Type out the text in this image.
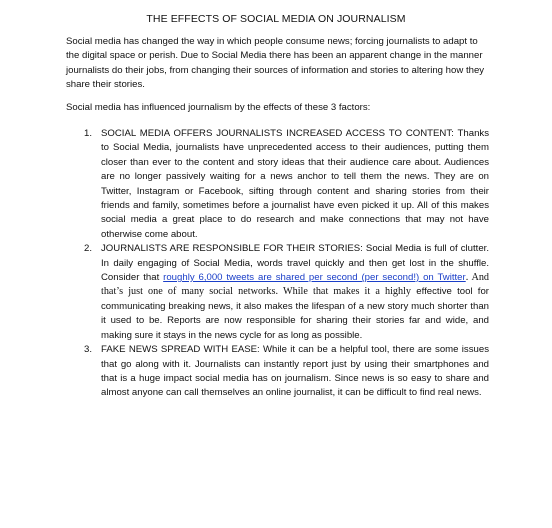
THE EFFECTS OF SOCIAL MEDIA ON JOURNALISM

Social media has changed the way in which people consume news; forcing journalists to adapt to the digital space or perish. Due to Social Media there has been an apparent change in the manner journalists do their jobs, from changing their sources of information and stories to altering how they share their stories.

Social media has influenced journalism by the effects of these 3 factors:

1. SOCIAL MEDIA OFFERS JOURNALISTS INCREASED ACCESS TO CONTENT: Thanks to Social Media, journalists have unprecedented access to their audiences, putting them closer than ever to the content and story ideas that their audience care about. Audiences are no longer passively waiting for a news anchor to tell them the news. They are on Twitter, Instagram or Facebook, sifting through content and sharing stories from their friends and family, sometimes before a journalist have even picked it up. All of this makes social media a great place to do research and make connections that may not have otherwise come about.
2. JOURNALISTS ARE RESPONSIBLE FOR THEIR STORIES: Social Media is full of clutter. In daily engaging of Social Media, words travel quickly and then get lost in the shuffle. Consider that roughly 6,000 tweets are shared per second (per second!) on Twitter. And that’s just one of many social networks. While that makes it a highly effective tool for communicating breaking news, it also makes the lifespan of a new story much shorter than it used to be. Reports are now responsible for sharing their stories far and wide, and making sure it stays in the news cycle for as long as possible.
3. FAKE NEWS SPREAD WITH EASE: While it can be a helpful tool, there are some issues that go along with it. Journalists can instantly report just by using their smartphones and that is a huge impact social media has on journalism. Since news is so easy to share and almost anyone can call themselves an online journalist, it can be difficult to find real news.
